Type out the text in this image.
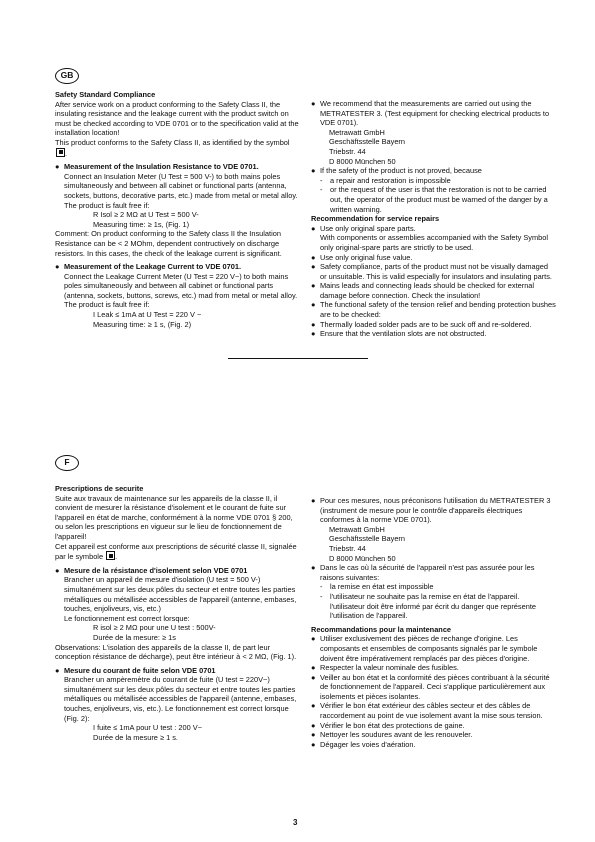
GB

Safety Standard Compliance

After service work on a product conforming to the Safety Class II, the insulating resistance and the leakage current with the product switch on must be checked according to VDE 0701 or to the specification valid at the installation location!

This product conforms to the Safety Class II, as identified by the symbol .

● Measurement of the Insulation Resistance to VDE 0701.

Connect an Insulation Meter (U Test = 500 V-) to both mains poles simultaneously and between all cabinet or functional parts (antenna, sockets, buttons, decorative parts, etc.) made from metal or metal alloy. The product is fault free if:

R Isol ≥ 2 MΩ at U Test = 500 V-

Measuring time: ≥ 1s, (Fig. 1)

Comment: On product conforming to the Safety class II the Insulation Resistance can be < 2 MOhm, dependent contructively on discharge resistors. In this cases, the check of the leakage current is significant.

● Measurement of the Leakage Current to VDE 0701.

Connect the Leakage Current Meter (U Test = 220 V~) to both mains poles simultaneously and between all cabinet or functional parts (antenna, sockets, buttons, screws, etc.) mad from metal or metal alloy. The product is fault free if:

I Leak ≤ 1mA at U Test = 220 V ~

Measuring time: ≥ 1 s, (Fig. 2)

● We recommend that the measurements are carried out using the METRATESTER 3. (Test equipment for checking electrical products to VDE 0701).

Metrawatt GmbH

Geschäftsstelle Bayern

Triebstr. 44

D 8000 München 50

● If the safety of the product is not proved, because

-	a repair and restoration is impossible

-	or the request of the user is that the restoration is not to be carried out, the operator of the product must be warned of the danger by a written warning.

Recommendation for service repairs

● Use only original spare parts.

With components or assemblies accompanied with the Safety Symbol only original-spare parts are strictly to be used.

● Use only original fuse value.

● Safety compliance, parts of the product must not be visually damaged or unsuitable. This is valid especially for insulators and insulating parts.

● Mains leads and connecting leads should be checked for external damage before connection. Check the insulation!

● The functional safety of the tension relief and bending protection bushes are to be checked:

● Thermally loaded solder pads are to be suck off and re-soldered.

● Ensure that the ventilation slots are not obstructed.

F

Prescriptions de securite

Suite aux travaux de maintenance sur les appareils de la classe II, il convient de mesurer la résistance d'isolement et le courant de fuite sur l'appareil en état de marche, conformément à la norme VDE 0701 § 200, ou selon les prescriptions en vigueur sur le lieu de fonctionnement de l'appareil!

Cet appareil est conforme aux prescriptions de sécurité classe II, signalée par le symbole .

● Mesure de la résistance d'isolement selon VDE 0701

Brancher un appareil de mesure d'isolation (U test = 500 V-) simultanément sur les deux pôles du secteur et entre toutes les parties métalliques ou métallisée accessibles de l'appareil (antenne, embases, touches, enjoliveurs, vis, etc.)

Le fonctionnement est correct lorsque:

R isol ≥ 2 MΩ pour une U test : 500V-

Durée de la mesure: ≥ 1s

Observations: L'isolation des appareils de la classe II, de part leur conception résistance de décharge), peut être intérieur à < 2 MΩ, (Fig. 1).

● Mesure du courant de fuite selon VDE 0701

Brancher un ampèremètre du courant de fuite (U test = 220V~) simultanément sur les deux pôles du secteur et entre toutes les parties métalliques ou métallisée accessibles de l'appareil (antenne, embases, touches, enjoliveurs, vis, etc.). Le fonctionnement est correct lorsque (Fig. 2):

I fuite ≤ 1mA pour U test : 200 V~

Durée de la mesure ≥ 1 s.

● Pour ces mesures, nous préconisons l'utilisation du METRATESTER 3 (instrument de mesure pour le contrôle d'appareils électriques conformes à la norme VDE 0701).

Metrawatt GmbH

Geschäftsstelle Bayern

Triebstr. 44

D 8000 München 50

● Dans le cas où la sécurité de l'appareil n'est pas assurée pour les raisons suivantes:

-	la remise en état est impossible

-	l'utilisateur ne souhaite pas la remise en état de l'appareil. l'utilisateur doit être informé par écrit du danger que représente l'utilisation de l'appareil.

Recommandations pour la maintenance

● Utiliser exclusivement des pièces de rechange d'origine. Les composants et ensembles de composants signalés par le symbole doivent être impérativement remplacés par des pièces d'origine.

● Respecter la valeur nominale des fusibles.

● Veiller au bon état et la conformité des pièces contribuant à la sécurité de fonctionnement de l'appareil. Ceci s'applique particulièrement aux isolements et pièces isolantes.

● Vérifier le bon état extérieur des câbles secteur et des câbles de raccordement au point de vue isolement avant la mise sous tension.

● Vérifier le bon état des protections de gaine.

● Nettoyer les soudures avant de les renouveler.

● Dégager les voies d'aération.

3
